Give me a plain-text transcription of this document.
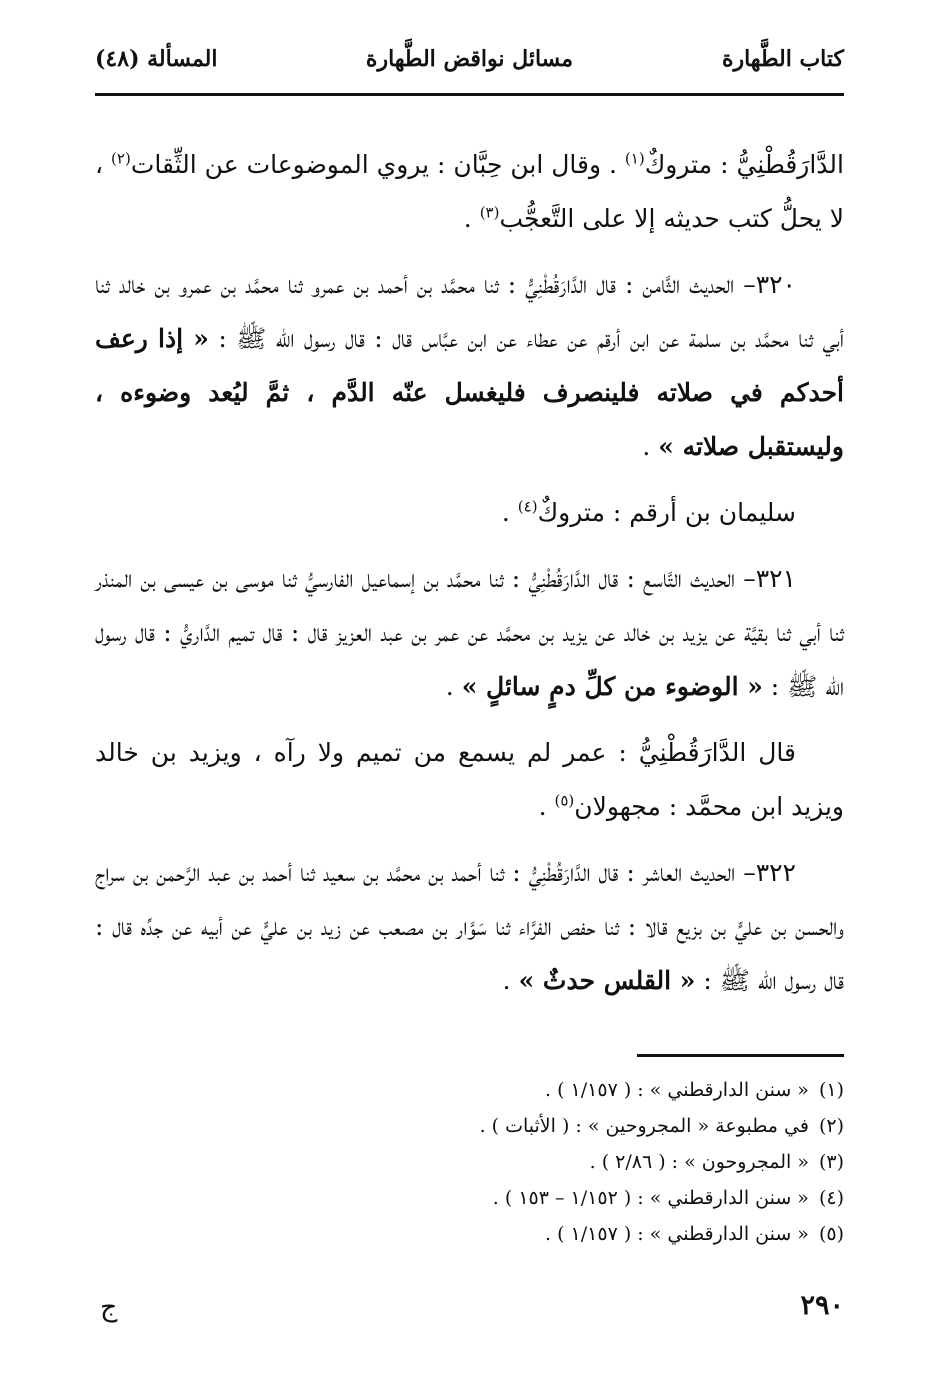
كتاب الطَّهارة
مسائل نواقض الطَّهارة
المسألة (٤٨)

الدَّارَقُطْنِيُّ : متروكٌ$^{(١)}$ . وقال ابن حِبَّان : يروي الموضوعات عن الثِّقات$^{(٢)}$ ، لا يحلُّ كتب حديثه إلا على التَّعجُّب$^{(٣)}$ .

٣٢٠– الحديث الثَّامن : قال الدَّارَقُطْنِيُّ : ثنا محمَّد بن أحمد بن عمرو ثنا محمَّد بن عمرو بن خالد ثنا أبي ثنا محمَّد بن سلمة عن ابن أرقم عن عطاء عن ابن عبَّاس قال : قال رسول الله ﷺ : « إذا رعف أحدكم في صلاته فلينصرف فليغسل عنّه الدَّم ، ثمَّ ليُعد وضوءه ، وليستقبل صلاته » .

سليمان بن أرقم : متروكٌ$^{(٤)}$ .

٣٢١– الحديث التَّاسع : قال الدَّارَقُطْنِيُّ : ثنا محمَّد بن إسماعيل الفارسيُّ ثنا موسى بن عيسى بن المنذر ثنا أبي ثنا بقيَّة عن يزيد بن خالد عن يزيد بن محمَّد عن عمر بن عبد العزيز قال : قال تميم الدَّاريُّ : قال رسول الله ﷺ : « الوضوء من كلِّ دمٍ سائلٍ » .

قال الدَّارَقُطْنِيُّ : عمر لم يسمع من تميم ولا رآه ، ويزيد بن خالد ويزيد ابن محمَّد : مجهولان$^{(٥)}$ .

٣٢٢– الحديث العاشر : قال الدَّارَقُطْنِيُّ : ثنا أحمد بن محمَّد بن سعيد ثنا أحمد بن عبد الرَّحمن بن سراج والحسن بن عليٍّ بن بزيع قالا : ثنا حفص الفرَّاء ثنا سَوَّار بن مصعب عن زيد بن عليٍّ عن أبيه عن جدِّه قال : قال رسول الله ﷺ : « القلس حدثٌ » .

(١)« سنن الدارقطني » : ( ١/١٥٧ ) .
(٢)في مطبوعة « المجروحين » : ( الأثبات ) .
(٣)« المجروحون » : ( ٢/٨٦ ) .
(٤)« سنن الدارقطني » : ( ١/١٥٢ – ١٥٣ ) .
(٥)« سنن الدارقطني » : ( ١/١٥٧ ) .
٢٩٠
ج
